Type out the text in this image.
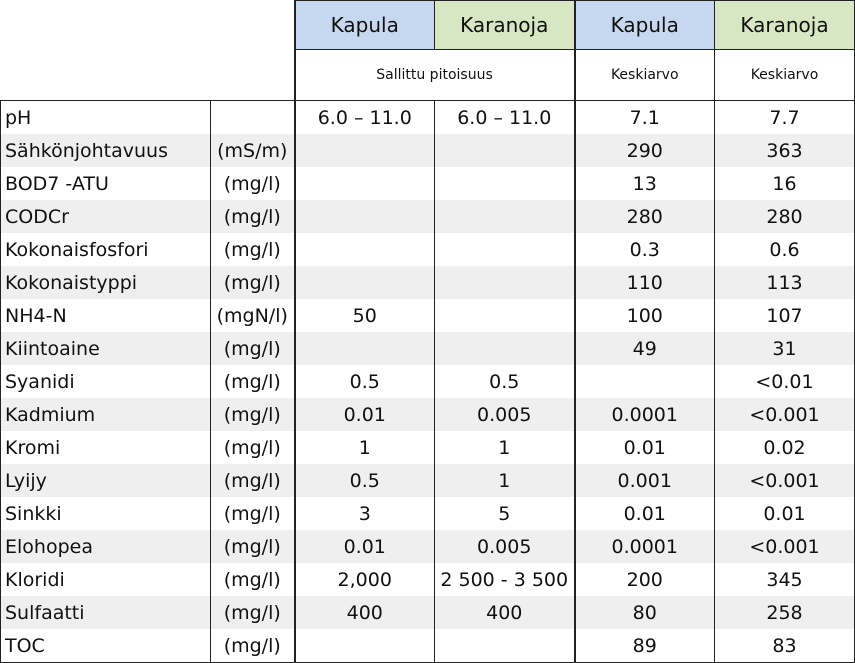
		Kapula	Karanoja	Kapula	Karanoja
		Sallittu pitoisuus		Keskiarvo	Keskiarvo
pH		6.0 – 11.0	6.0 – 11.0	7.1	7.7
Sähkönjohtavuus	(mS/m)			290	363
BOD7 -ATU	(mg/l)			13	16
CODCr	(mg/l)			280	280
Kokonaisfosfori	(mg/l)			0.3	0.6
Kokonaistyppi	(mg/l)			110	113
NH4-N	(mgN/l)	50		100	107
Kiintoaine	(mg/l)			49	31
Syanidi	(mg/l)	0.5	0.5		<0.01
Kadmium	(mg/l)	0.01	0.005	0.0001	<0.001
Kromi	(mg/l)	1	1	0.01	0.02
Lyijy	(mg/l)	0.5	1	0.001	<0.001
Sinkki	(mg/l)	3	5	0.01	0.01
Elohopea	(mg/l)	0.01	0.005	0.0001	<0.001
Kloridi	(mg/l)	2,000	2 500 - 3 500	200	345
Sulfaatti	(mg/l)	400	400	80	258
TOC	(mg/l)			89	83
